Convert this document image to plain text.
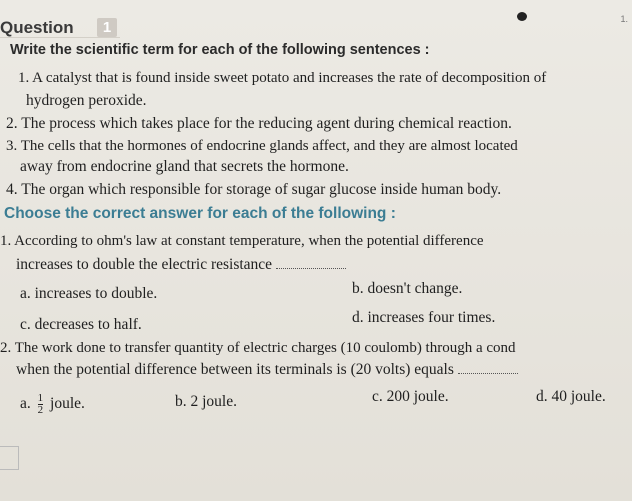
1.
Question	1
Write the scientific term for each of the following sentences :
1. A catalyst that is found inside sweet potato and increases the rate of decomposition of
hydrogen peroxide.
2. The process which takes place for the reducing agent during chemical reaction.
3. The cells that the hormones of endocrine glands affect, and they are almost located
away from endocrine gland that secrets the hormone.
4. The organ which responsible for storage of sugar glucose inside human body.
Choose the correct answer for each of the following :
1. According to ohm's law at constant temperature, when the potential difference
increases to double the electric resistance
a. increases to double.	b. doesn't change.
c. decreases to half.	d. increases four times.
2. The work done to transfer quantity of electric charges (10 coulomb) through a cond
when the potential difference between its terminals is (20 volts) equals
a. $\frac{1}{2}$ joule.	b. 2 joule.	c. 200 joule.	d. 40 joule.
